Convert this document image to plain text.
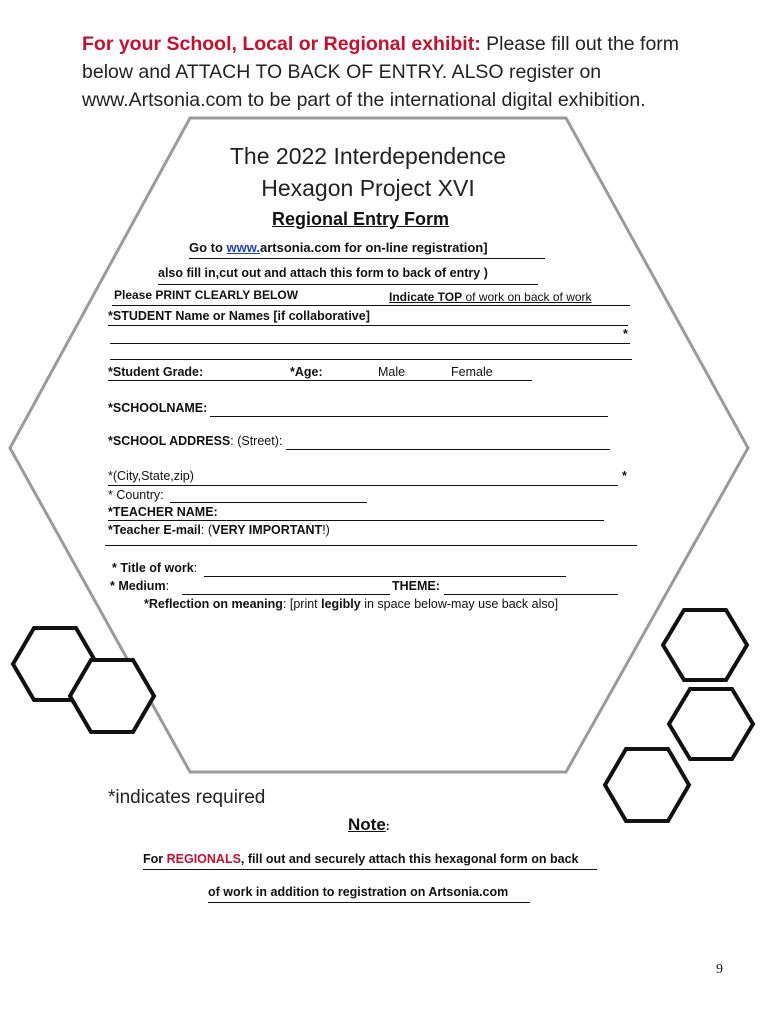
For your School, Local or Regional exhibit: Please fill out the form below and ATTACH TO BACK OF ENTRY. ALSO register on www.Artsonia.com to be part of the international digital exhibition.
The 2022 Interdependence
Hexagon Project XVI
Regional Entry Form
Go to www.artsonia.com for on-line registration]
also fill in,cut out and attach this form to back of entry )
Please PRINT CLEARLY BELOW	Indicate TOP of work on back of work
*STUDENT Name or Names [if collaborative]
*
*Student Grade:	*Age:	Male	Female
*SCHOOLNAME:
*SCHOOL ADDRESS: (Street):
*(City,State,zip)	*
* Country:
*TEACHER NAME:
*Teacher E-mail: (VERY IMPORTANT!)
* Title of work:
* Medium:	THEME:
*Reflection on meaning: [print legibly in space below-may use back also]
*indicates required
Note:
For REGIONALS, fill out and securely attach this hexagonal form on back
of work in addition to registration on Artsonia.com
9
